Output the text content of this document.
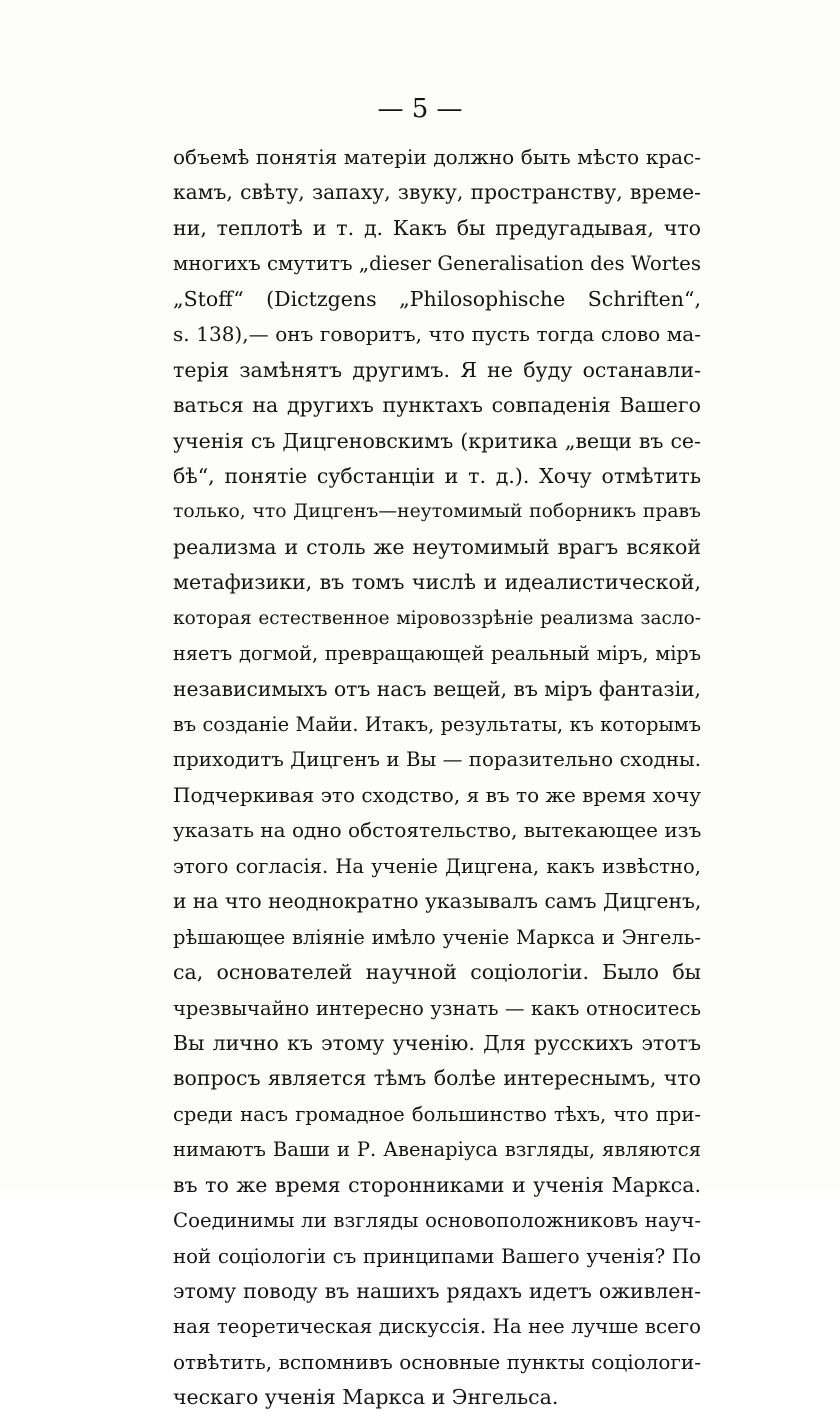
— 5 —
объемѣ понятія матеріи должно быть мѣсто крас-
камъ, свѣту, запаху, звуку, пространству, време-
ни, теплотѣ и т. д. Какъ бы предугадывая, что
многихъ смутитъ „dieser Generalisation des Wortes
„Stoff“ (Dictzgens „Philosophische Schriften“,
s. 138),— онъ говоритъ, что пусть тогда слово ма-
терія замѣнятъ другимъ. Я не буду останавли-
ваться на другихъ пунктахъ совпаденія Вашего
ученія съ Дицгеновскимъ (критика „вещи въ се-
бѣ“, понятіе субстанціи и т. д.). Хочу отмѣтить
только, что Дицгенъ—неутомимый поборникъ правъ
реализма и столь же неутомимый врагъ всякой
метафизики, въ томъ числѣ и идеалистической,
которая естественное міровоззрѣніе реализма засло-
няетъ догмой, превращающей реальный міръ, міръ
независимыхъ отъ насъ вещей, въ міръ фантазіи,
въ созданіе Майи. Итакъ, результаты, къ которымъ
приходитъ Дицгенъ и Вы — поразительно сходны.
Подчеркивая это сходство, я въ то же время хочу
указать на одно обстоятельство, вытекающее изъ
этого согласія. На ученіе Дицгена, какъ извѣстно,
и на что неоднократно указывалъ самъ Дицгенъ,
рѣшающее вліяніе имѣло ученіе Маркса и Энгель-
са, основателей научной соціологіи. Было бы
чрезвычайно интересно узнать — какъ относитесь
Вы лично къ этому ученію. Для русскихъ этотъ
вопросъ является тѣмъ болѣе интереснымъ, что
среди насъ громадное большинство тѣхъ, что при-
нимаютъ Ваши и Р. Авенаріуса взгляды, являются
въ то же время сторонниками и ученія Маркса.
Соединимы ли взгляды основоположниковъ науч-
ной соціологіи съ принципами Вашего ученія? По
этому поводу въ нашихъ рядахъ идетъ оживлен-
ная теоретическая дискуссія. На нее лучше всего
отвѣтить, вспомнивъ основные пункты соціологи-
ческаго ученія Маркса и Энгельса.
